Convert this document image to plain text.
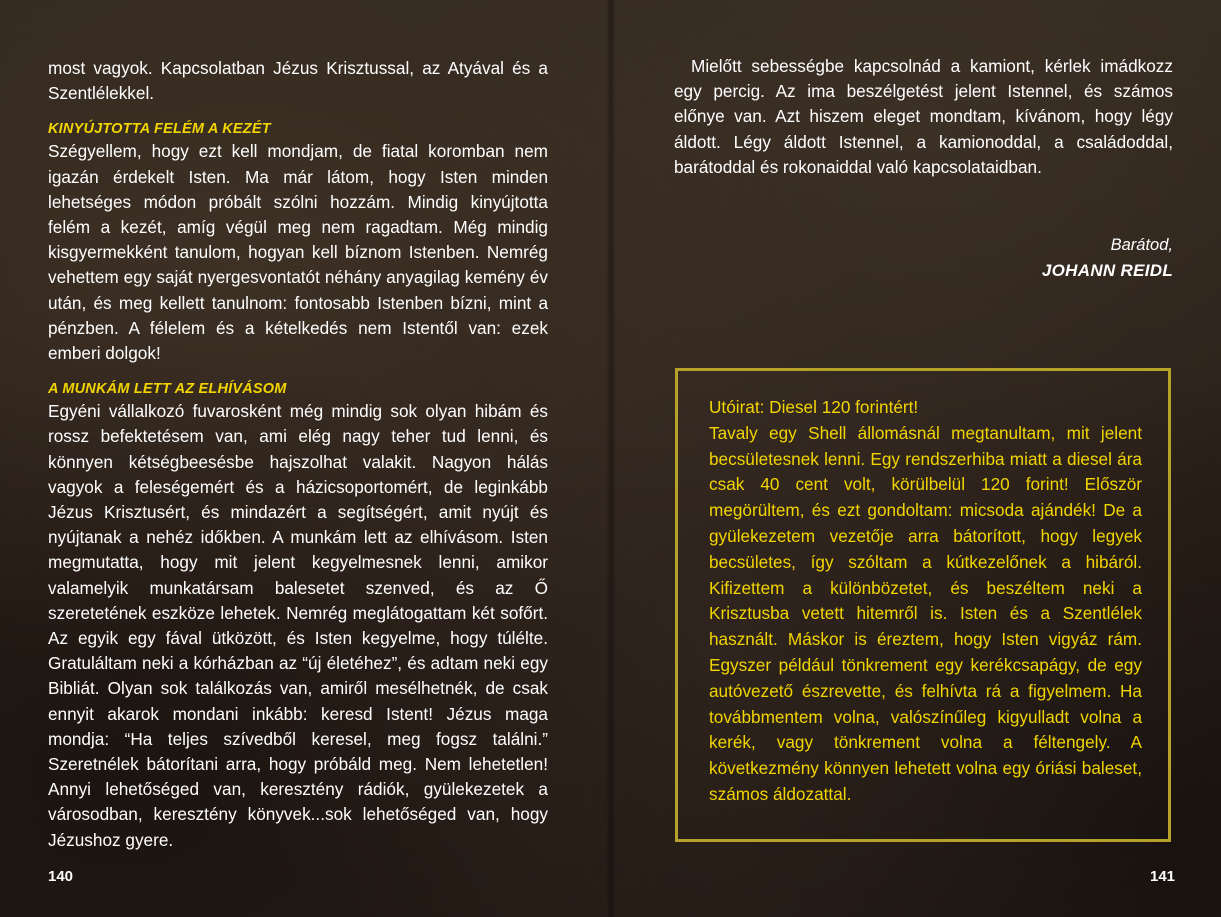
most vagyok. Kapcsolatban Jézus Krisztussal, az Atyával és a Szentlélekkel.

KINYÚJTOTTA FELÉM A KEZÉT

Szégyellem, hogy ezt kell mondjam, de fiatal koromban nem igazán érdekelt Isten. Ma már látom, hogy Isten minden lehetséges módon próbált szólni hozzám. Mindig kinyújtotta felém a kezét, amíg végül meg nem ragadtam. Még mindig kisgyermekként tanulom, hogyan kell bíznom Istenben. Nemrég vehettem egy saját nyergesvontatót néhány anyagilag kemény év után, és meg kellett tanulnom: fontosabb Istenben bízni, mint a pénzben. A félelem és a kételkedés nem Istentől van: ezek emberi dolgok!

A MUNKÁM LETT AZ ELHÍVÁSOM

Egyéni vállalkozó fuvarosként még mindig sok olyan hibám és rossz befektetésem van, ami elég nagy teher tud lenni, és könnyen kétségbeesésbe hajszolhat valakit. Nagyon hálás vagyok a feleségemért és a házicsoportomért, de leginkább Jézus Krisztusért, és mindazért a segítségért, amit nyújt és nyújtanak a nehéz időkben. A munkám lett az elhívásom. Isten megmutatta, hogy mit jelent kegyelmesnek lenni, amikor valamelyik munkatársam balesetet szenved, és az Ő szeretetének eszköze lehetek. Nemrég meglátogattam két sofőrt. Az egyik egy fával ütközött, és Isten kegyelme, hogy túlélte. Gratuláltam neki a kórházban az “új életéhez”, és adtam neki egy Bibliát. Olyan sok találkozás van, amiről mesélhetnék, de csak ennyit akarok mondani inkább: keresd Istent! Jézus maga mondja: “Ha teljes szívedből keresel, meg fogsz találni.” Szeretnélek bátorítani arra, hogy próbáld meg. Nem lehetetlen! Annyi lehetőséged van, keresztény rádiók, gyülekezetek a városodban, keresztény könyvek...sok lehetőséged van, hogy Jézushoz gyere.

140

Mielőtt sebességbe kapcsolnád a kamiont, kérlek imádkozz egy percig. Az ima beszélgetést jelent Istennel, és számos előnye van. Azt hiszem eleget mondtam, kívánom, hogy légy áldott. Légy áldott Istennel, a kamionoddal, a családoddal, barátoddal és rokonaiddal való kapcsolataidban.

Barátod,
JOHANN REIDL

Utóirat: Diesel 120 forintért!

Tavaly egy Shell állomásnál megtanultam, mit jelent becsületesnek lenni. Egy rendszerhiba miatt a diesel ára csak 40 cent volt, körülbelül 120 forint! Először megörültem, és ezt gondoltam: micsoda ajándék! De a gyülekezetem vezetője arra bátorított, hogy legyek becsületes, így szóltam a kútkezelőnek a hibáról. Kifizettem a különbözetet, és beszéltem neki a Krisztusba vetett hitemről is. Isten és a Szentlélek használt. Máskor is éreztem, hogy Isten vigyáz rám. Egyszer például tönkrement egy kerékcsapágy, de egy autóvezető észrevette, és felhívta rá a figyelmem. Ha továbbmentem volna, valószínűleg kigyulladt volna a kerék, vagy tönkrement volna a féltengely. A következmény könnyen lehetett volna egy óriási baleset, számos áldozattal.

141
